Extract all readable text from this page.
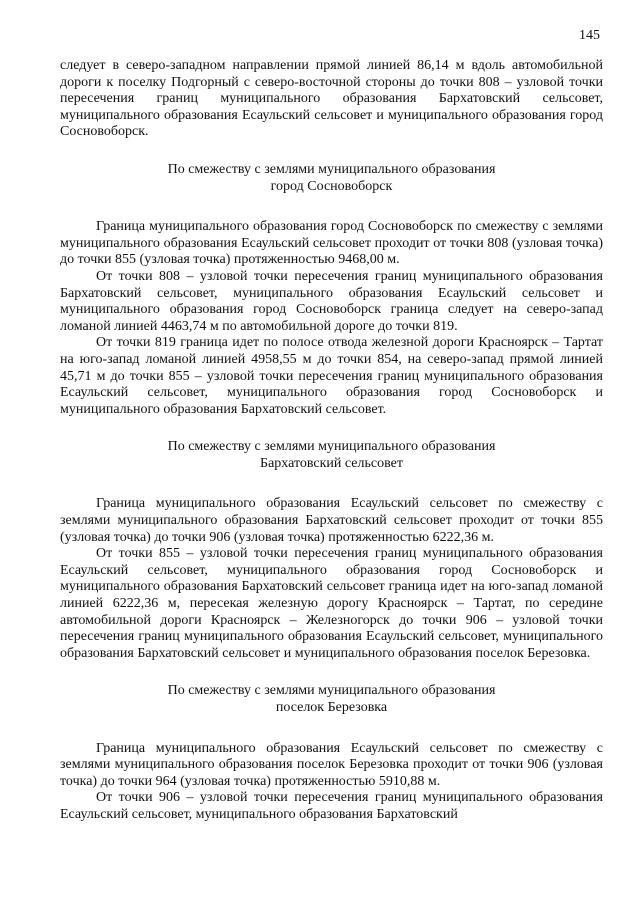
145

следует в северо-западном направлении прямой линией 86,14 м вдоль автомобильной дороги к поселку Подгорный с северо-восточной стороны до точки 808 – узловой точки пересечения границ муниципального образования Бархатовский сельсовет, муниципального образования Есаульский сельсовет и муниципального образования город Сосновоборск.

По смежеству с землями муниципального образования
город Сосновоборск

Граница муниципального образования город Сосновоборск по смежеству с землями муниципального образования Есаульский сельсовет проходит от точки 808 (узловая точка) до точки 855 (узловая точка) протяженностью 9468,00 м.

От точки 808 – узловой точки пересечения границ муниципального образования Бархатовский сельсовет, муниципального образования Есаульский сельсовет и муниципального образования город Сосновоборск граница следует на северо-запад ломаной линией 4463,74 м по автомобильной дороге до точки 819.

От точки 819 граница идет по полосе отвода железной дороги Красноярск – Тартат на юго-запад ломаной линией 4958,55 м до точки 854, на северо-запад прямой линией 45,71 м до точки 855 – узловой точки пересечения границ муниципального образования Есаульский сельсовет, муниципального образования город Сосновоборск и муниципального образования Бархатовский сельсовет.

По смежеству с землями муниципального образования
Бархатовский сельсовет

Граница муниципального образования Есаульский сельсовет по смежеству с землями муниципального образования Бархатовский сельсовет проходит от точки 855 (узловая точка) до точки 906 (узловая точка) протяженностью 6222,36 м.

От точки 855 – узловой точки пересечения границ муниципального образования Есаульский сельсовет, муниципального образования город Сосновоборск и муниципального образования Бархатовский сельсовет граница идет на юго-запад ломаной линией 6222,36 м, пересекая железную дорогу Красноярск – Тартат, по середине автомобильной дороги Красноярск – Железногорск до точки 906 – узловой точки пересечения границ муниципального образования Есаульский сельсовет, муниципального образования Бархатовский сельсовет и муниципального образования поселок Березовка.

По смежеству с землями муниципального образования
поселок Березовка

Граница муниципального образования Есаульский сельсовет по смежеству с землями муниципального образования поселок Березовка проходит от точки 906 (узловая точка) до точки 964 (узловая точка) протяженностью 5910,88 м.

От точки 906 – узловой точки пересечения границ муниципального образования Есаульский сельсовет, муниципального образования Бархатовский
